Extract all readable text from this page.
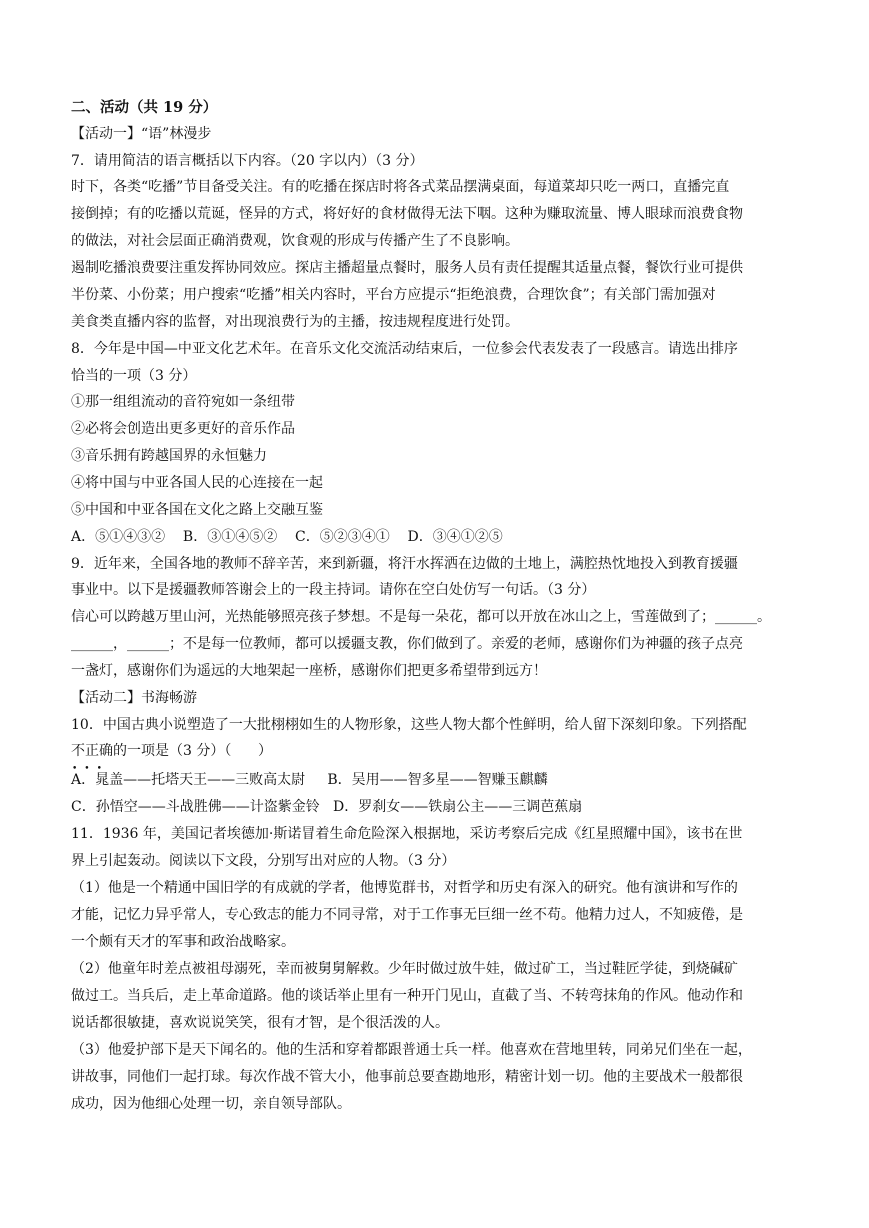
二、活动（共 19 分）
【活动一】“语”林漫步
7．请用简洁的语言概括以下内容。（20 字以内）（3 分）
时下，各类“吃播”节目备受关注。有的吃播在探店时将各式菜品摆满桌面，每道菜却只吃一两口，直播完直
接倒掉；有的吃播以荒诞，怪异的方式，将好好的食材做得无法下咽。这种为赚取流量、博人眼球而浪费食物
的做法，对社会层面正确消费观，饮食观的形成与传播产生了不良影响。
遏制吃播浪费要注重发挥协同效应。探店主播超量点餐时，服务人员有责任提醒其适量点餐，餐饮行业可提供
半份菜、小份菜；用户搜索“吃播”相关内容时，平台方应提示“拒绝浪费，合理饮食”；有关部门需加强对
美食类直播内容的监督，对出现浪费行为的主播，按违规程度进行处罚。
8．今年是中国—中亚文化艺术年。在音乐文化交流活动结束后，一位参会代表发表了一段感言。请选出排序
恰当的一项（3 分）
①那一组组流动的音符宛如一条纽带
②必将会创造出更多更好的音乐作品
③音乐拥有跨越国界的永恒魅力
④将中国与中亚各国人民的心连接在一起
⑤中国和中亚各国在文化之路上交融互鉴
A．⑤①④③②    B．③①④⑤②    C．⑤②③④①    D．③④①②⑤
9．近年来，全国各地的教师不辞辛苦，来到新疆，将汗水挥洒在边做的土地上，满腔热忱地投入到教育援疆
事业中。以下是援疆教师答谢会上的一段主持词。请你在空白处仿写一句话。（3 分）
信心可以跨越万里山河，光热能够照亮孩子梦想。不是每一朵花，都可以开放在冰山之上，雪莲做到了；______。
______，______；不是每一位教师，都可以援疆支教，你们做到了。亲爱的老师，感谢你们为神疆的孩子点亮
一盏灯，感谢你们为遥远的大地架起一座桥，感谢你们把更多希望带到远方！
【活动二】书海畅游
10．中国古典小说塑造了一大批栩栩如生的人物形象，这些人物大都个性鲜明，给人留下深刻印象。下列搭配
不正确的一项是（3 分）（      ）
•••
A．晁盖——托塔天王——三败高太尉     B．吴用——智多星——智赚玉麒麟
C．孙悟空——斗战胜佛——计盗紫金铃   D．罗刹女——铁扇公主——三调芭蕉扇
11．1936 年，美国记者埃德加·斯诺冒着生命危险深入根据地，采访考察后完成《红星照耀中国》，该书在世
界上引起轰动。阅读以下文段，分别写出对应的人物。（3 分）
（1）他是一个精通中国旧学的有成就的学者，他博览群书，对哲学和历史有深入的研究。他有演讲和写作的
才能，记忆力异乎常人，专心致志的能力不同寻常，对于工作事无巨细一丝不苟。他精力过人，不知疲倦，是
一个颇有天才的军事和政治战略家。
（2）他童年时差点被祖母溺死，幸而被舅舅解救。少年时做过放牛娃，做过矿工，当过鞋匠学徒，到烧碱矿
做过工。当兵后，走上革命道路。他的谈话举止里有一种开门见山，直截了当、不转弯抹角的作风。他动作和
说话都很敏捷，喜欢说说笑笑，很有才智，是个很活泼的人。
（3）他爱护部下是天下闻名的。他的生活和穿着都跟普通士兵一样。他喜欢在营地里转，同弟兄们坐在一起，
讲故事，同他们一起打球。每次作战不管大小，他事前总要查勘地形，精密计划一切。他的主要战术一般都很
成功，因为他细心处理一切，亲自领导部队。
